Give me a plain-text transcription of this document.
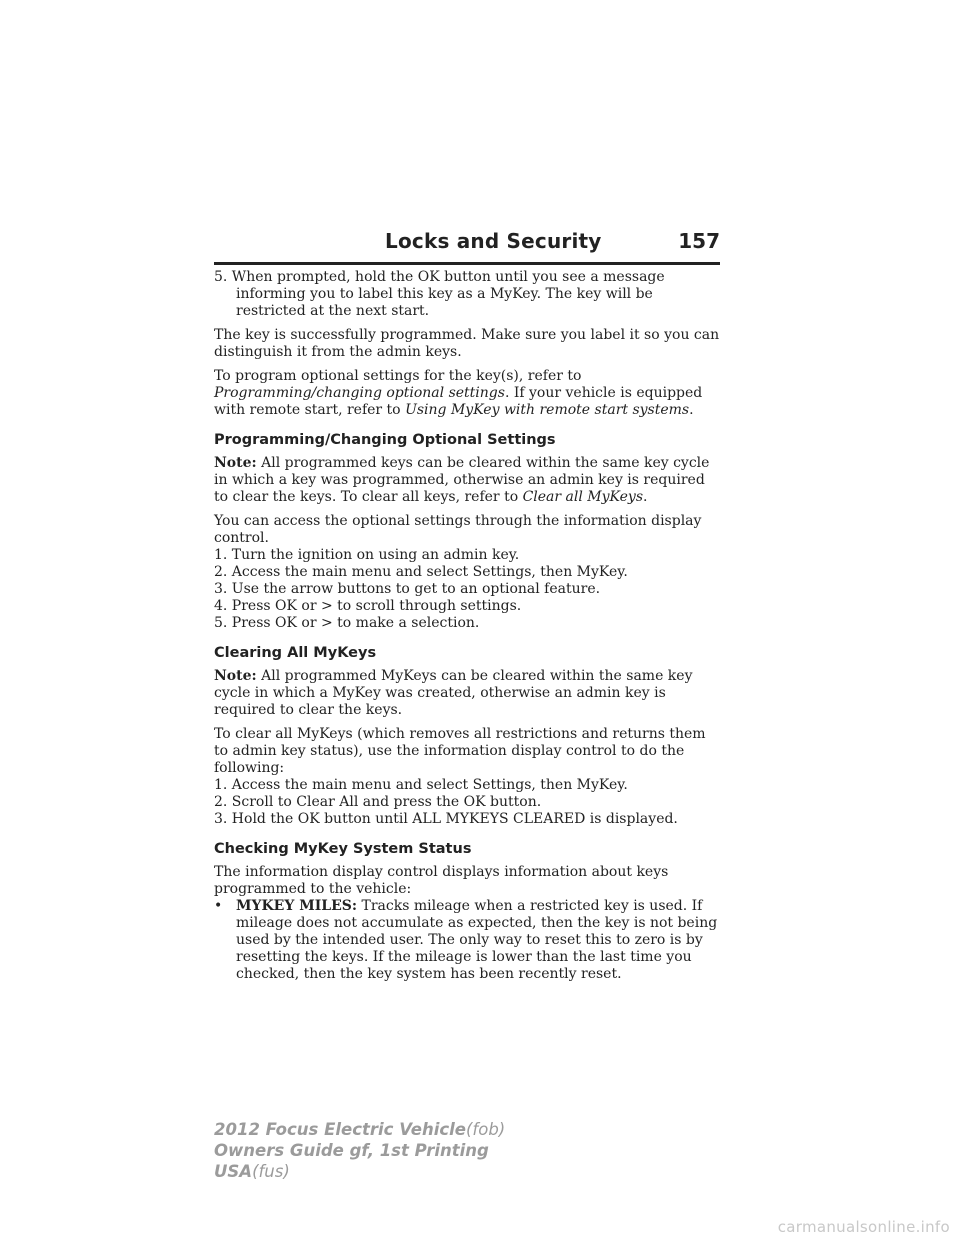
Locks and Security	157

5. When prompted, hold the OK button until you see a message informing you to label this key as a MyKey. The key will be restricted at the next start.

The key is successfully programmed. Make sure you label it so you can distinguish it from the admin keys.

To program optional settings for the key(s), refer to Programming/changing optional settings. If your vehicle is equipped with remote start, refer to Using MyKey with remote start systems.

Programming/Changing Optional Settings

Note: All programmed keys can be cleared within the same key cycle in which a key was programmed, otherwise an admin key is required to clear the keys. To clear all keys, refer to Clear all MyKeys.

You can access the optional settings through the information display control.
1. Turn the ignition on using an admin key.
2. Access the main menu and select Settings, then MyKey.
3. Use the arrow buttons to get to an optional feature.
4. Press OK or > to scroll through settings.
5. Press OK or > to make a selection.
Clearing All MyKeys

Note: All programmed MyKeys can be cleared within the same key cycle in which a MyKey was created, otherwise an admin key is required to clear the keys.

To clear all MyKeys (which removes all restrictions and returns them to admin key status), use the information display control to do the following:
1. Access the main menu and select Settings, then MyKey.
2. Scroll to Clear All and press the OK button.
3. Hold the OK button until ALL MYKEYS CLEARED is displayed.
Checking MyKey System Status
The information display control displays information about keys programmed to the vehicle:
• MYKEY MILES: Tracks mileage when a restricted key is used. If mileage does not accumulate as expected, then the key is not being used by the intended user. The only way to reset this to zero is by resetting the keys. If the mileage is lower than the last time you checked, then the key system has been recently reset.
2012 Focus Electric Vehicle(fob)
Owners Guide gf, 1st Printing
USA(fus)
carmanualsonline.info
